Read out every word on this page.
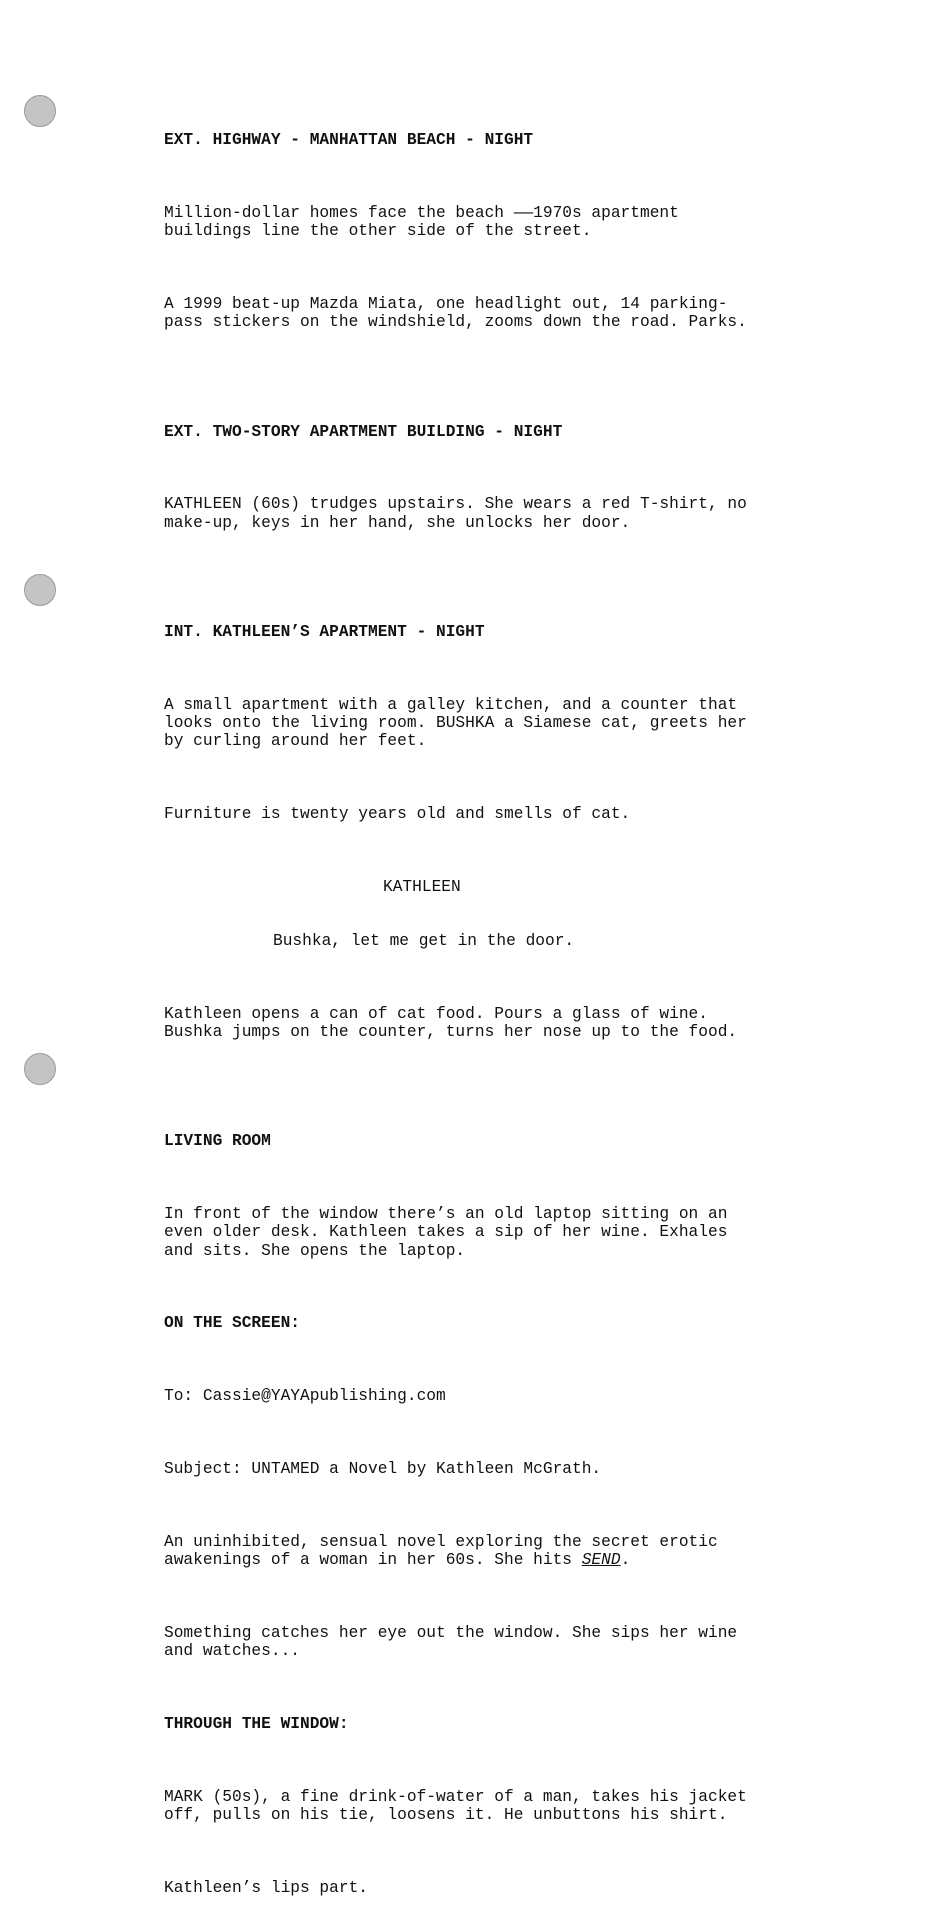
EXT. HIGHWAY - MANHATTAN BEACH - NIGHT

Million-dollar homes face the beach ——1970s apartment
buildings line the other side of the street.

A 1999 beat-up Mazda Miata, one headlight out, 14 parking-
pass stickers on the windshield, zooms down the road. Parks.

EXT. TWO-STORY APARTMENT BUILDING - NIGHT

KATHLEEN (60s) trudges upstairs. She wears a red T-shirt, no
make-up, keys in her hand, she unlocks her door.

INT. KATHLEEN’S APARTMENT - NIGHT

A small apartment with a galley kitchen, and a counter that
looks onto the living room. BUSHKA a Siamese cat, greets her
by curling around her feet.

Furniture is twenty years old and smells of cat.

KATHLEEN

Bushka, let me get in the door.

Kathleen opens a can of cat food. Pours a glass of wine.
Bushka jumps on the counter, turns her nose up to the food.

LIVING ROOM

In front of the window there’s an old laptop sitting on an
even older desk. Kathleen takes a sip of her wine. Exhales
and sits. She opens the laptop.

ON THE SCREEN:

To: Cassie@YAYApublishing.com

Subject: UNTAMED a Novel by Kathleen McGrath.

An uninhibited, sensual novel exploring the secret erotic
awakenings of a woman in her 60s. She hits SEND.

Something catches her eye out the window. She sips her wine
and watches...

THROUGH THE WINDOW:

MARK (50s), a fine drink-of-water of a man, takes his jacket
off, pulls on his tie, loosens it. He unbuttons his shirt.

Kathleen’s lips part.
